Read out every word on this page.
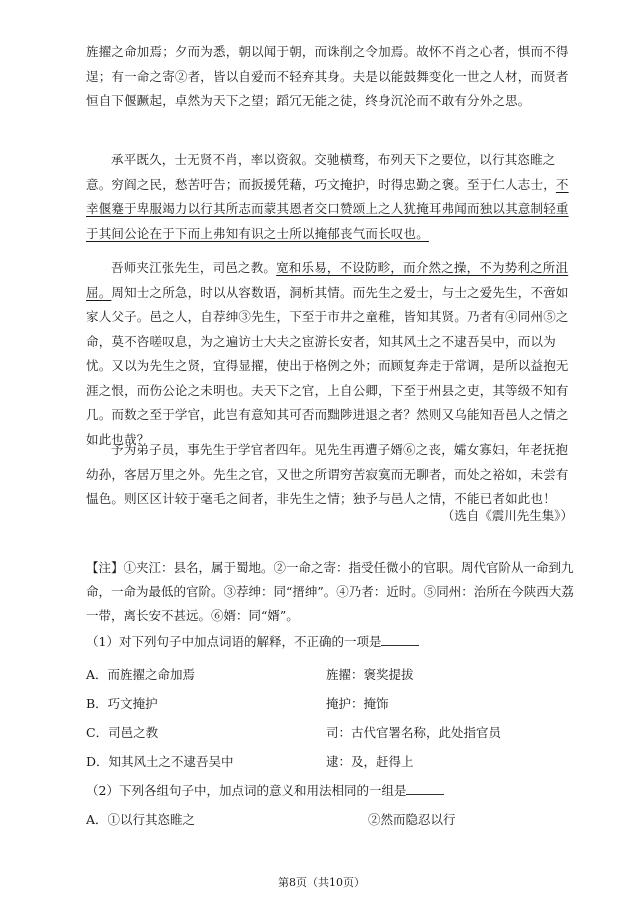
旌擢之命加焉；夕而为悉，朝以闻于朝，而诛削之令加焉。故怀不肖之心者，惧而不得逞；有一命之寄②者，皆以自爱而不轻弃其身。夫是以能鼓舞变化一世之人材，而贤者恒自下偃蹶起，卓然为天下之望；蹈冗无能之徒，终身沉沦而不敢有分外之思。
承平既久，士无贤不肖，率以资叙。交驰横骛，布列天下之要位，以行其恣睢之意。穷阎之民，愁苦吁告；而扳援凭藉，巧文掩护，时得忠勤之褒。至于仁人志士，不幸偃蹇于卑服竭力以行其所志而蒙其恩者交口赞颂上之人犹掩耳弗闻而独以其意制轻重于其间公论在于下而上弗知有识之士所以掩郁丧气而长叹也。
吾师夹江张先生，司邑之教。宽和乐易，不设防畛，而介然之操，不为势利之所沮屈。周知士之所急，时以从容数语，洞析其情。而先生之爱士，与士之爱先生，不啻如家人父子。邑之人，自荐绅③先生，下至于市井之童稚，皆知其贤。乃者有④同州⑤之命，莫不咨嗟叹息，为之遍访士大夫之宦游长安者，知其风土之不逮吾吴中，而以为忧。又以为先生之贤，宜得显擢，使出于格例之外；而顾复奔走于常调，是所以益抱无涯之恨，而伤公论之未明也。夫天下之官，上自公卿，下至于州县之吏，其等级不知有几。而数之至于学官，此岂有意知其可否而黜陟进退之者？然则又乌能知吾邑人之情之如此也哉？
予为弟子员，事先生于学官者四年。见先生再遭子婿⑥之丧，孀女寡妇，年老抚抱幼孙，客居万里之外。先生之官，又世之所谓穷苦寂寞而无聊者，而处之裕如，未尝有愠色。则区区计较于毫毛之间者，非先生之情；独予与邑人之情，不能已者如此也！
（选自《震川先生集》）
【注】①夹江：县名，属于蜀地。②一命之寄：指受任微小的官职。周代官阶从一命到九命，一命为最低的官阶。③荐绅：同“搢绅”。④乃者：近时。⑤同州：治所在今陕西大荔一带，离长安不甚远。⑥婿：同“婿”。
（1）对下列句子中加点词语的解释，不正确的一项是
A．而旌擢之命加焉	旌擢：褒奖提拔
B．巧文掩护	掩护：掩饰
C．司邑之教	司：古代官署名称，此处指官员
D．知其风土之不逮吾吴中	逮：及，赶得上
（2）下列各组句子中，加点词的意义和用法相同的一组是
A．①以行其恣睢之	②然而隐忍以行
第8页（共10页）
